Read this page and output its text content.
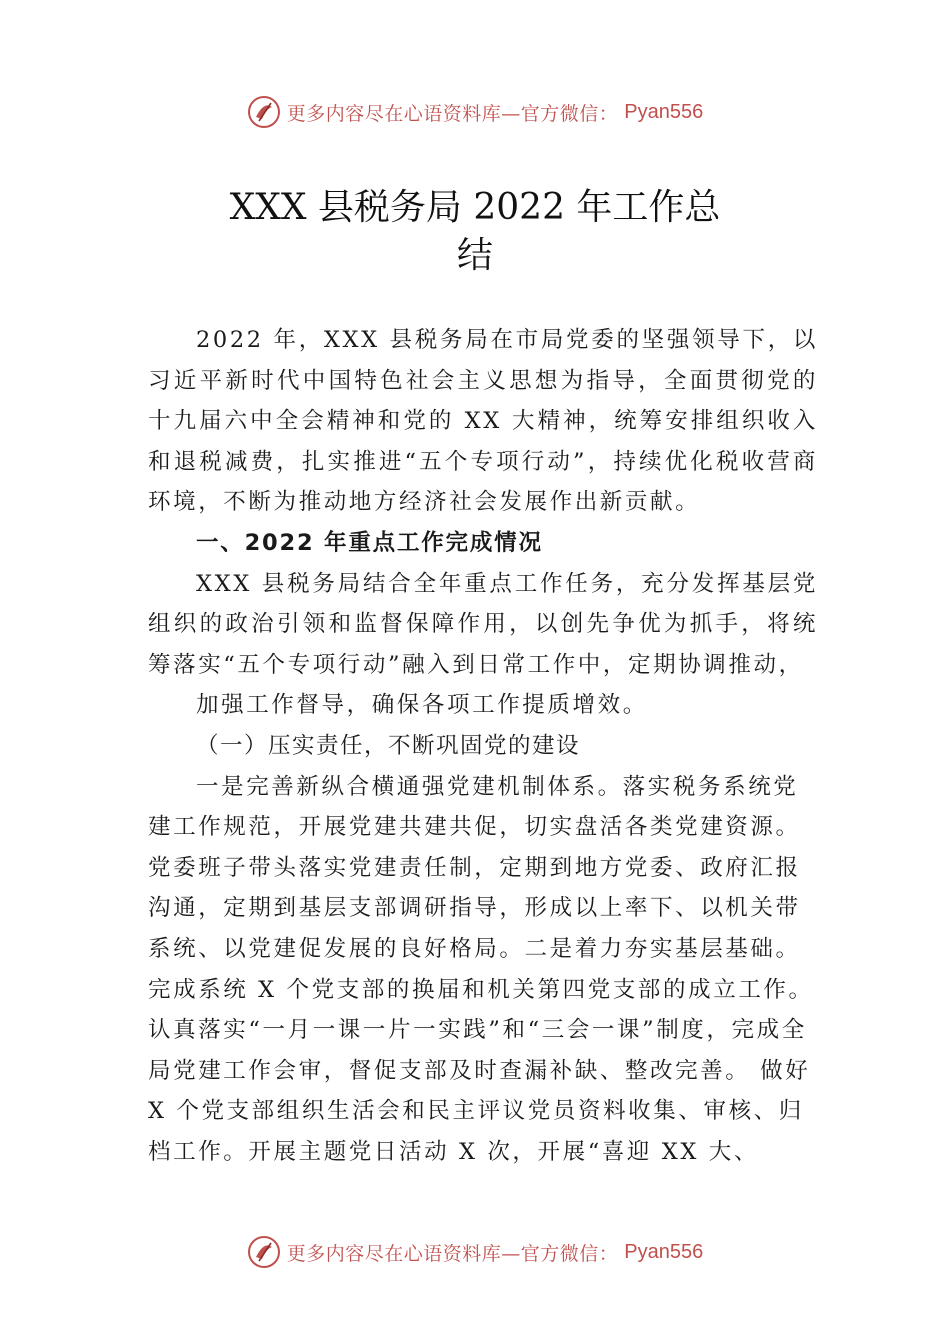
更多内容尽在心语资料库—官方微信： Pyan556
XXX 县税务局 2022 年工作总
结

2022 年，XXX 县税务局在市局党委的坚强领导下，以习近平新时代中国特色社会主义思想为指导，全面贯彻党的十九届六中全会精神和党的 XX 大精神，统筹安排组织收入和退税减费，扎实推进“五个专项行动”，持续优化税收营商环境，不断为推动地方经济社会发展作出新贡献。

一、2022 年重点工作完成情况

XXX 县税务局结合全年重点工作任务，充分发挥基层党组织的政治引领和监督保障作用，以创先争优为抓手，将统筹落实“五个专项行动”融入到日常工作中，定期协调推动，

加强工作督导，确保各项工作提质增效。

（一）压实责任，不断巩固党的建设

一是完善新纵合横通强党建机制体系。落实税务系统党建工作规范，开展党建共建共促，切实盘活各类党建资源。 党委班子带头落实党建责任制，定期到地方党委、政府汇报沟通，定期到基层支部调研指导，形成以上率下、以机关带系统、以党建促发展的良好格局。二是着力夯实基层基础。 完成系统 X 个党支部的换届和机关第四党支部的成立工作。认真落实“一月一课一片一实践”和“三会一课”制度，完成全局党建工作会审，督促支部及时查漏补缺、整改完善。 做好 X 个党支部组织生活会和民主评议党员资料收集、审核、归档工作。开展主题党日活动 X 次，开展“喜迎 XX 大、

更多内容尽在心语资料库—官方微信： Pyan556
